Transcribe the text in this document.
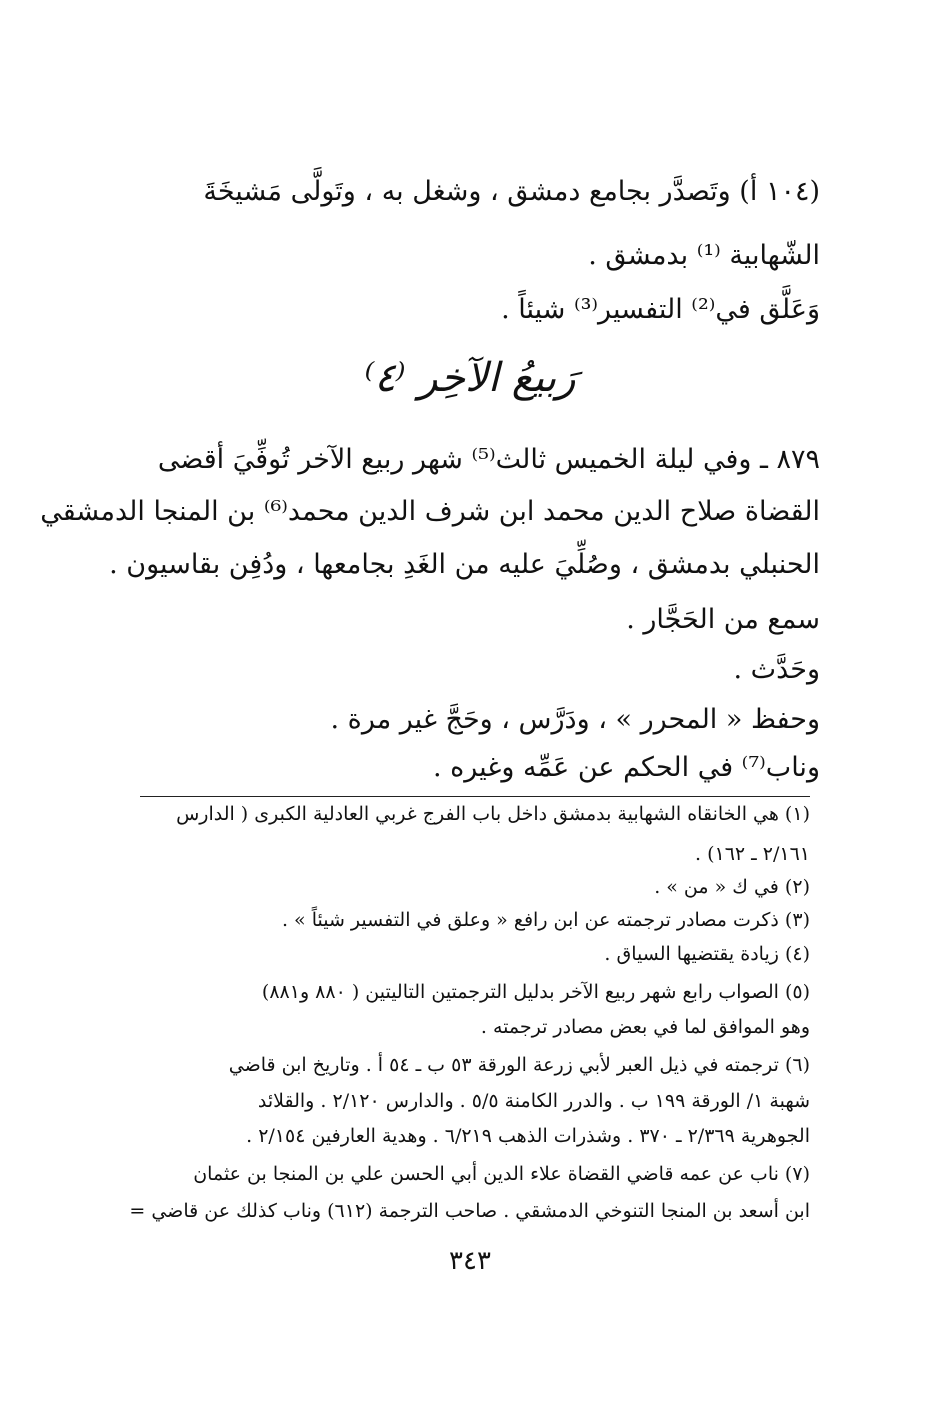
(١٠٤ أ) وتَصدَّر بجامع دمشق ، وشغل به ، وتَولَّى مَشيخَةَ
الشّهابية ⁽¹⁾ بدمشق .
وَعَلَّق في⁽²⁾ التفسير⁽³⁾ شيئاً .
رَبيعُ الآخِر ⁽٤⁾
٨٧٩ ـ وفي ليلة الخميس ثالث⁽⁵⁾ شهر ربيع الآخر تُوفِّيَ أقضى
القضاة صلاح الدين محمد ابن شرف الدين محمد⁽⁶⁾ بن المنجا الدمشقي
الحنبلي بدمشق ، وصُلِّيَ عليه من الغَدِ بجامعها ، ودُفِن بقاسيون .
سمع من الحَجَّار .
وحَدَّث .
وحفظ « المحرر » ، ودَرَّس ، وحَجَّ غير مرة .
وناب⁽⁷⁾ في الحكم عن عَمِّه وغيره .
(١) هي الخانقاه الشهابية بدمشق داخل باب الفرج غربي العادلية الكبرى ( الدارس
٢/١٦١ ـ ١٦٢) .
(٢) في ك « من » .
(٣) ذكرت مصادر ترجمته عن ابن رافع « وعلق في التفسير شيئاً » .
(٤) زيادة يقتضيها السياق .
(٥) الصواب رابع شهر ربيع الآخر بدليل الترجمتين التاليتين ( ٨٨٠ و٨٨١)
وهو الموافق لما في بعض مصادر ترجمته .
(٦) ترجمته في ذيل العبر لأبي زرعة الورقة ٥٣ ب ـ ٥٤ أ . وتاريخ ابن قاضي
شهبة ١/ الورقة ١٩٩ ب . والدرر الكامنة ٥/٥ . والدارس ٢/١٢٠ . والقلائد
الجوهرية ٢/٣٦٩ ـ ٣٧٠ . وشذرات الذهب ٦/٢١٩ . وهدية العارفين ٢/١٥٤ .
(٧) ناب عن عمه قاضي القضاة علاء الدين أبي الحسن علي بن المنجا بن عثمان
ابن أسعد بن المنجا التنوخي الدمشقي . صاحب الترجمة (٦١٢) وناب كذلك عن قاضي =
٣٤٣
